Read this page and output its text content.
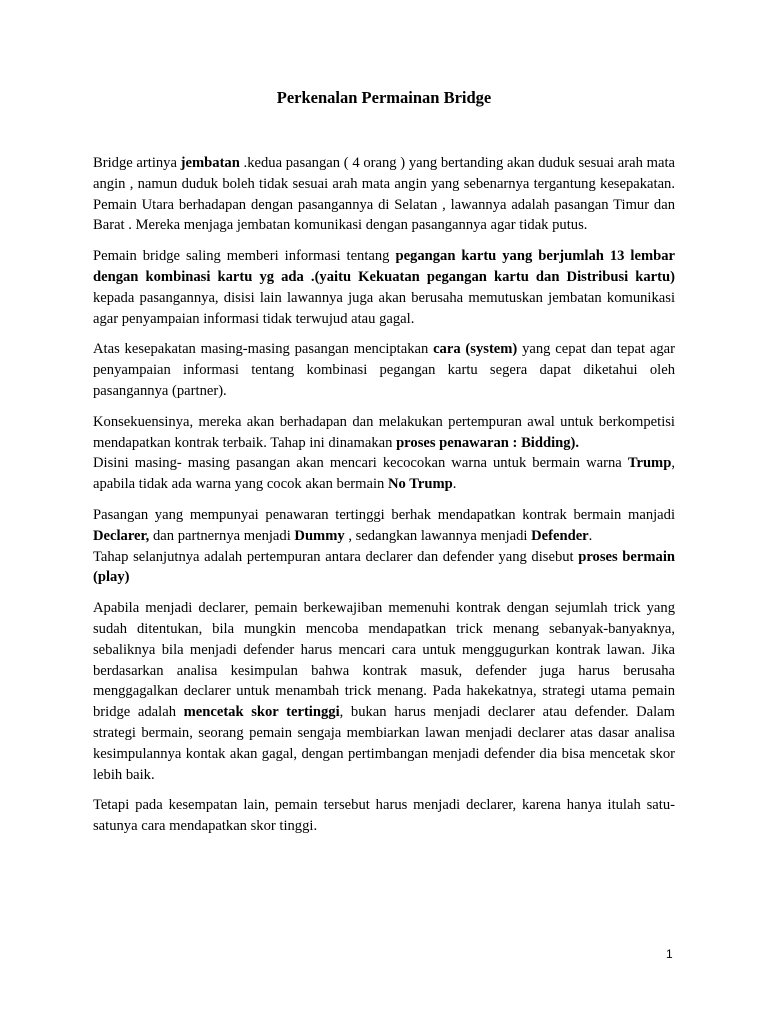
Perkenalan Permainan Bridge

Bridge artinya jembatan .kedua pasangan ( 4 orang ) yang bertanding akan duduk sesuai arah mata angin , namun duduk boleh tidak sesuai arah mata angin yang sebenarnya tergantung kesepakatan. Pemain Utara berhadapan dengan pasangannya di Selatan , lawannya adalah pasangan Timur dan Barat . Mereka menjaga jembatan komunikasi dengan pasangannya agar tidak putus.

Pemain bridge saling memberi informasi tentang pegangan kartu yang berjumlah 13 lembar dengan kombinasi kartu yg ada .(yaitu Kekuatan pegangan kartu dan Distribusi kartu) kepada pasangannya, disisi lain lawannya juga akan berusaha memutuskan jembatan komunikasi agar penyampaian informasi tidak terwujud atau gagal.

Atas kesepakatan masing-masing pasangan menciptakan cara (system) yang cepat dan tepat agar penyampaian informasi tentang kombinasi pegangan kartu segera dapat diketahui oleh pasangannya (partner).

Konsekuensinya, mereka akan berhadapan dan melakukan pertempuran awal untuk berkompetisi mendapatkan kontrak terbaik. Tahap ini dinamakan proses penawaran : Bidding).
Disini masing- masing pasangan akan mencari kecocokan warna untuk bermain warna Trump, apabila tidak ada warna yang cocok akan bermain No Trump.

Pasangan yang mempunyai penawaran tertinggi berhak mendapatkan kontrak bermain manjadi Declarer, dan partnernya menjadi Dummy , sedangkan lawannya menjadi Defender.
Tahap selanjutnya adalah pertempuran antara declarer dan defender yang disebut proses bermain (play)

Apabila menjadi declarer, pemain berkewajiban memenuhi kontrak dengan sejumlah trick yang sudah ditentukan, bila mungkin mencoba mendapatkan trick menang sebanyak-banyaknya, sebaliknya bila menjadi defender harus mencari cara untuk menggugurkan kontrak lawan. Jika berdasarkan analisa kesimpulan bahwa kontrak masuk, defender juga harus berusaha menggagalkan declarer untuk menambah trick menang. Pada hakekatnya, strategi utama pemain bridge adalah mencetak skor tertinggi, bukan harus menjadi declarer atau defender. Dalam strategi bermain, seorang pemain sengaja membiarkan lawan menjadi declarer atas dasar analisa kesimpulannya kontak akan gagal, dengan pertimbangan menjadi defender dia bisa mencetak skor lebih baik.

Tetapi pada kesempatan lain, pemain tersebut harus menjadi declarer, karena hanya itulah satu- satunya cara mendapatkan skor tinggi.

1
